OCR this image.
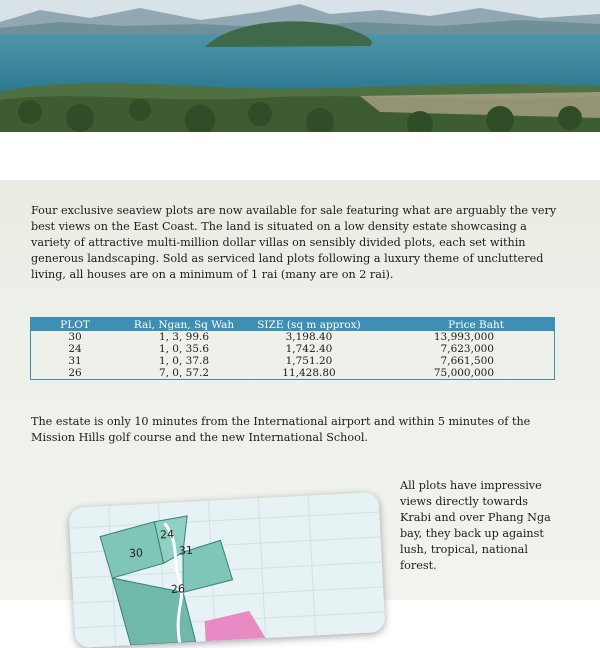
Four exclusive seaview plots are now available for sale featuring what are arguably the very best views on the East Coast. The land is situated on a low density estate showcasing a variety of attractive multi-million dollar villas on sensibly divided plots, each set within generous landscaping. Sold as serviced land plots following a luxury theme of uncluttered living, all houses are on a minimum of 1 rai (many are on 2 rai).
PLOT	Rai, Ngan, Sq Wah	SIZE (sq m approx)	Price Baht
30	1, 3, 99.6	3,198.40	13,993,000
24	1, 0, 35.6	1,742.40	7,623,000
31	1, 0, 37.8	1,751.20	7,661,500
26	7, 0, 57.2	11,428.80	75,000,000
The estate is only 10 minutes from the International airport and within 5 minutes of the Mission Hills golf course and the new International School.
All plots have impressive views directly towards Krabi and over Phang Nga bay, they back up against lush, tropical, national forest.
24
30	31
26
